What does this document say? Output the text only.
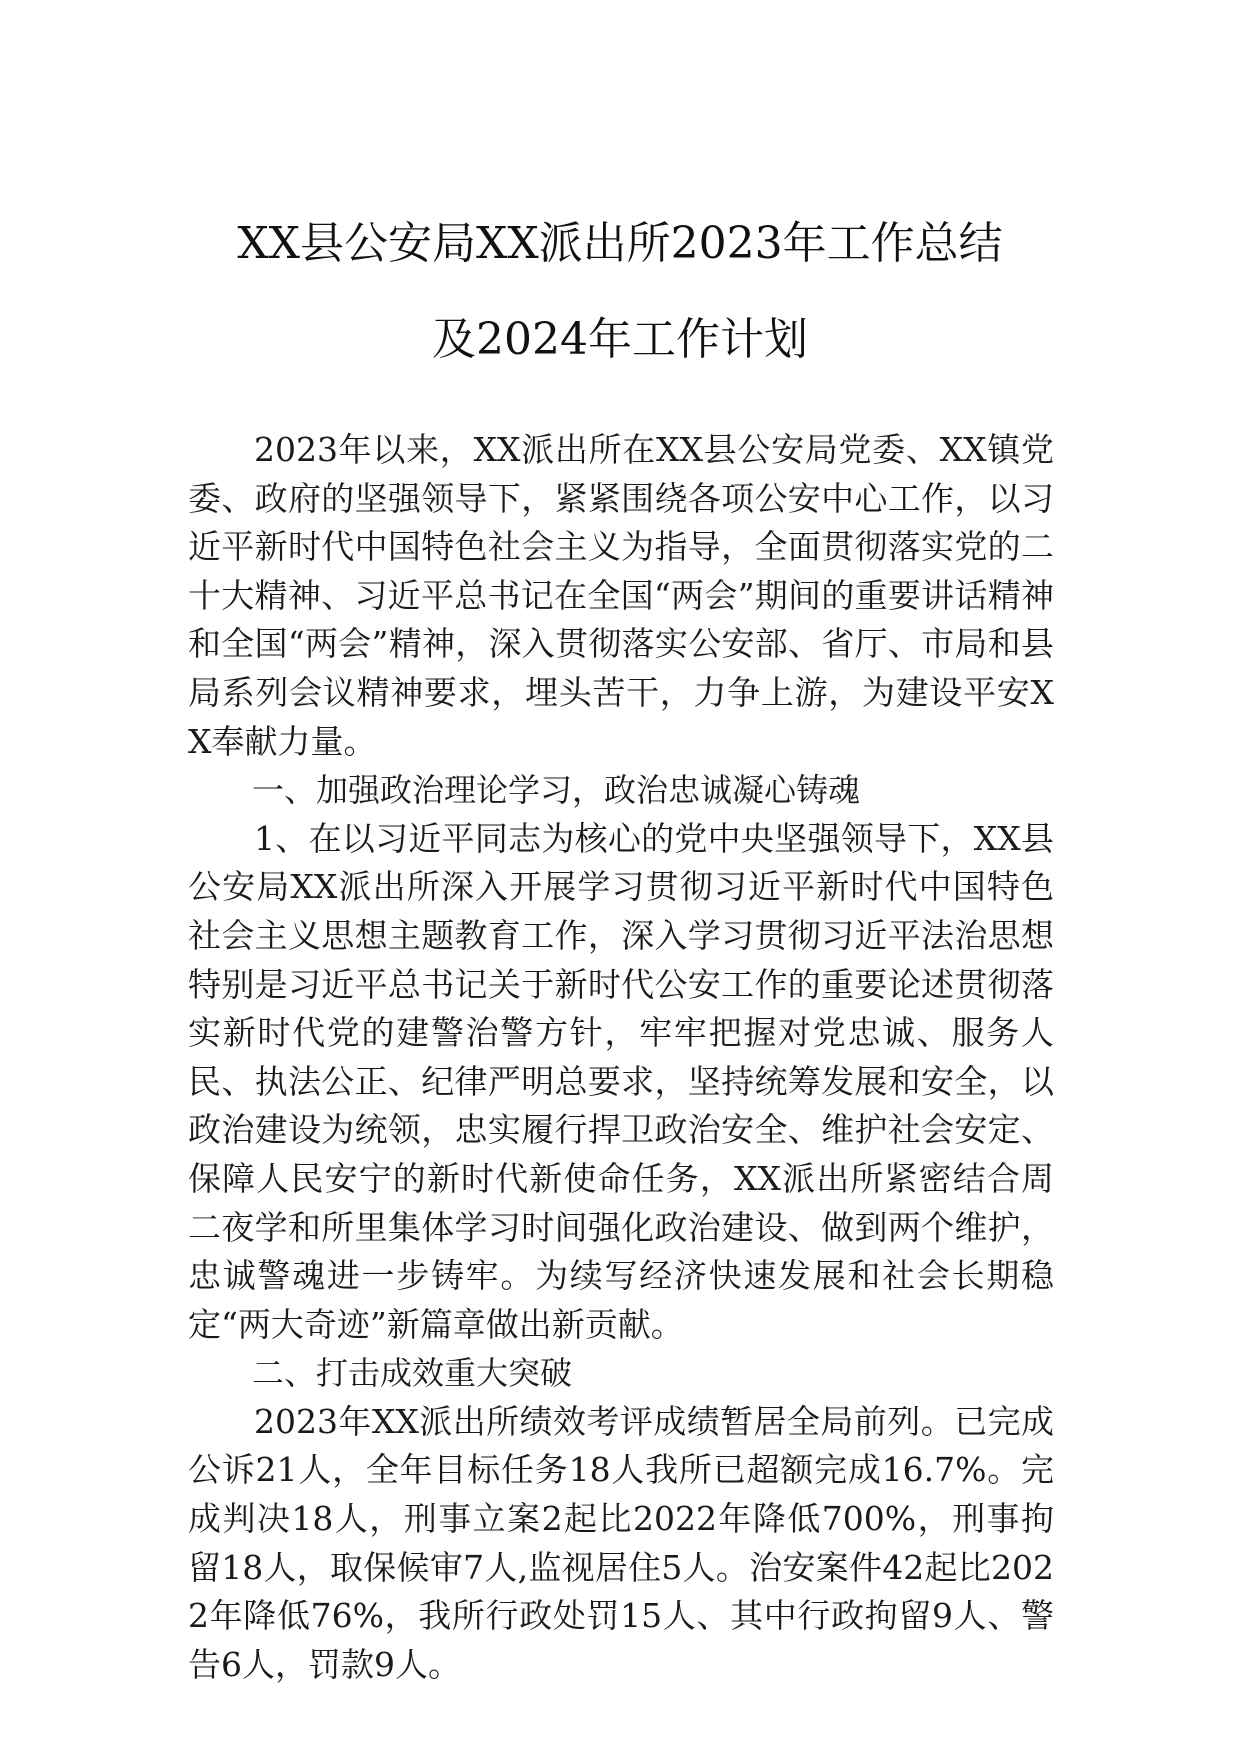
XX县公安局XX派出所2023年工作总结
及2024年工作计划

2023年以来，XX派出所在XX县公安局党委、XX镇党委、政府的坚强领导下，紧紧围绕各项公安中心工作，以习近平新时代中国特色社会主义为指导，全面贯彻落实党的二十大精神、习近平总书记在全国“两会”期间的重要讲话精神和全国“两会”精神，深入贯彻落实公安部、省厅、市局和县局系列会议精神要求，埋头苦干，力争上游，为建设平安XX奉献力量。

一、加强政治理论学习，政治忠诚凝心铸魂

1、在以习近平同志为核心的党中央坚强领导下，XX县公安局XX派出所深入开展学习贯彻习近平新时代中国特色社会主义思想主题教育工作，深入学习贯彻习近平法治思想特别是习近平总书记关于新时代公安工作的重要论述贯彻落实新时代党的建警治警方针，牢牢把握对党忠诚、服务人民、执法公正、纪律严明总要求，坚持统筹发展和安全，以政治建设为统领，忠实履行捍卫政治安全、维护社会安定、保障人民安宁的新时代新使命任务，XX派出所紧密结合周二夜学和所里集体学习时间强化政治建设、做到两个维护，忠诚警魂进一步铸牢。为续写经济快速发展和社会长期稳定“两大奇迹”新篇章做出新贡献。

二、打击成效重大突破

2023年XX派出所绩效考评成绩暂居全局前列。已完成公诉21人，全年目标任务18人我所已超额完成16.7%。完成判决18人，刑事立案2起比2022年降低700%，刑事拘留18人，取保候审7人,监视居住5人。治安案件42起比2022年降低76%，我所行政处罚15人、其中行政拘留9人、警告6人，罚款9人。
